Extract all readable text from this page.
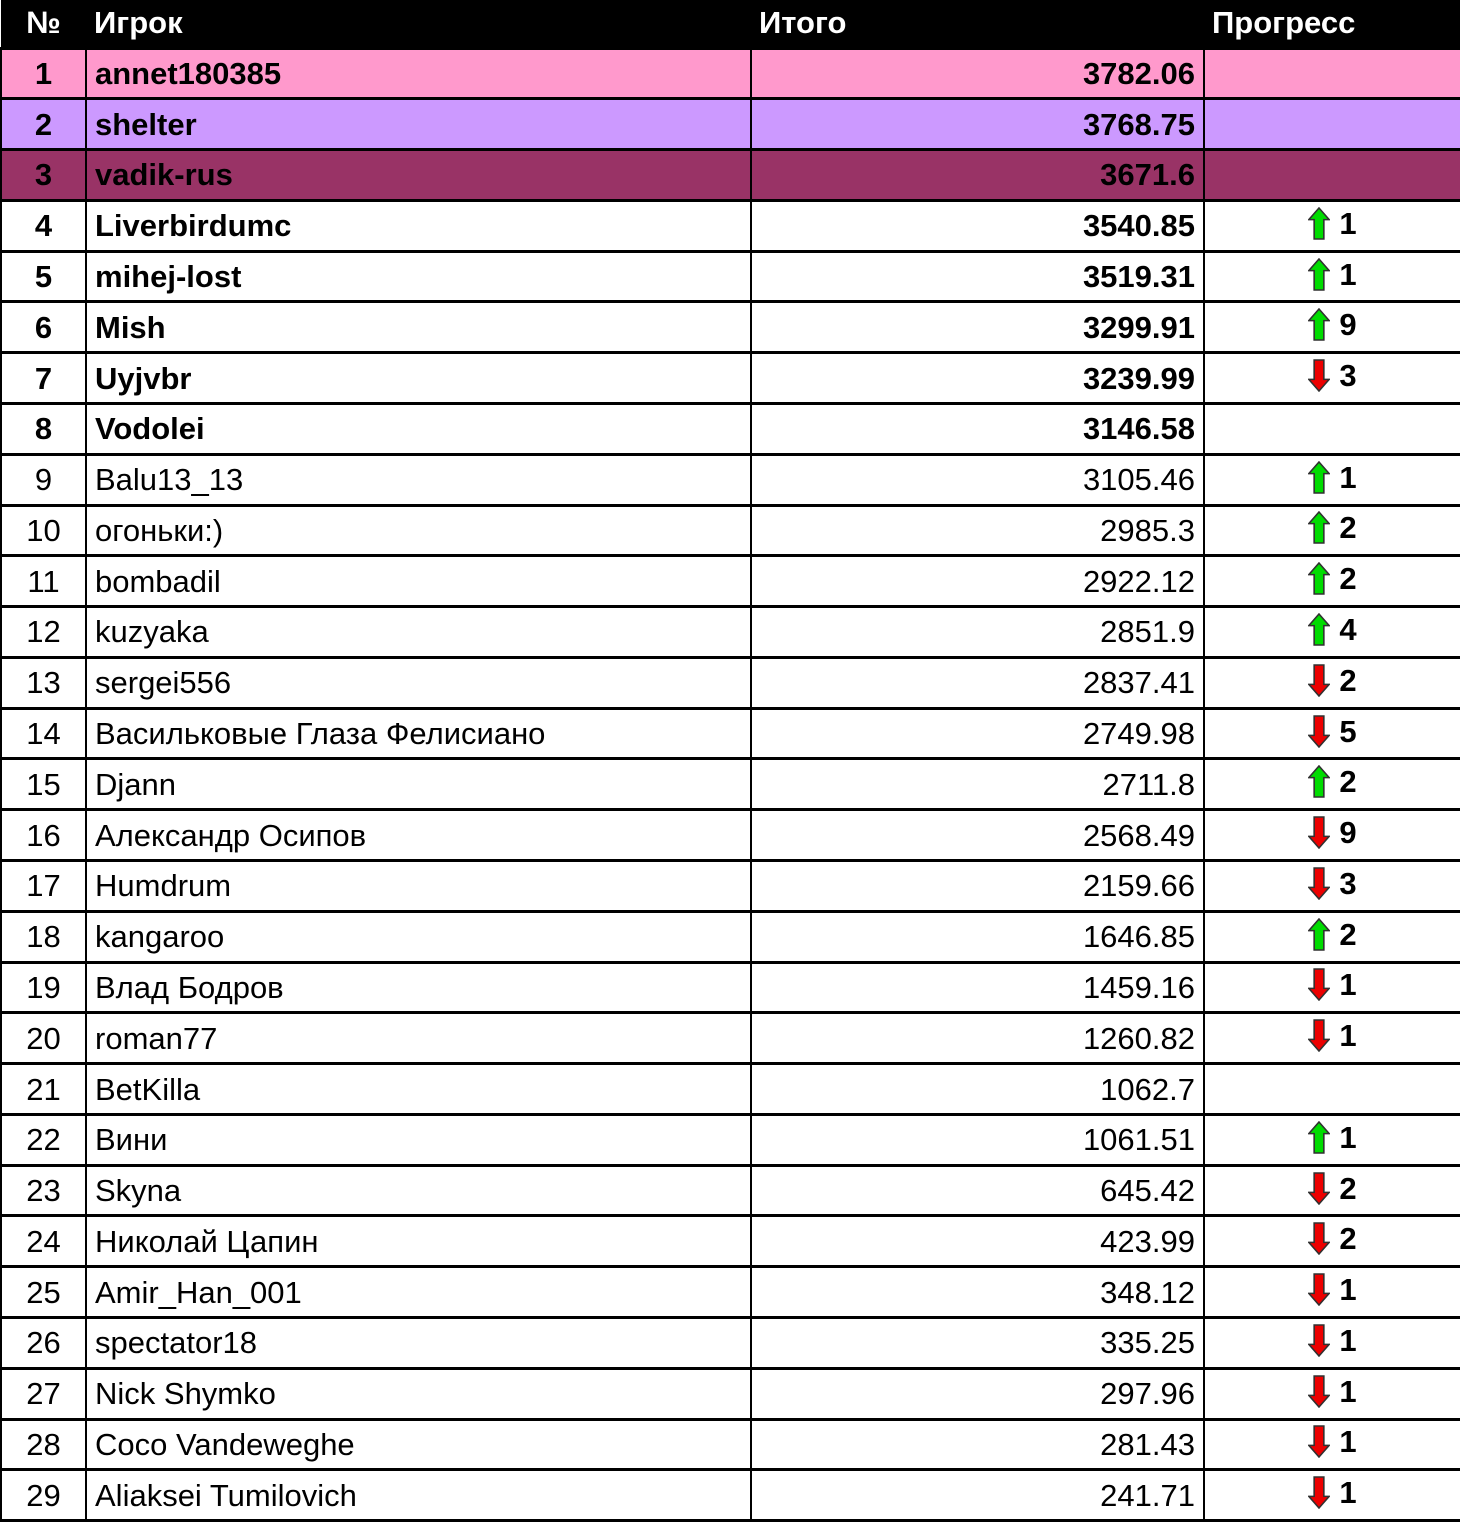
№	Игрок	Итого	Прогресс
1	annet180385	3782.06	
2	shelter	3768.75	
3	vadik-rus	3671.6	
4	Liverbirdumc	3540.85	1

5	mihej-lost	3519.31	1

6	Mish	3299.91	9

7	Uyjvbr	3239.99	3

8	Vodolei	3146.58	
9	Balu13_13	3105.46	1

10	огоньки:)	2985.3	2

11	bombadil	2922.12	2

12	kuzyaka	2851.9	4

13	sergei556	2837.41	2

14	Васильковые Глаза Фелисиано	2749.98	5

15	Djann	2711.8	2

16	Александр Осипов	2568.49	9

17	Humdrum	2159.66	3

18	kangaroo	1646.85	2

19	Влад Бодров	1459.16	1

20	roman77	1260.82	1

21	BetKilla	1062.7	
22	Вини	1061.51	1

23	Skyna	645.42	2

24	Николай Цапин	423.99	2

25	Amir_Han_001	348.12	1

26	spectator18	335.25	1

27	Nick Shymko	297.96	1

28	Coco Vandeweghe	281.43	1

29	Aliaksei Tumilovich	241.71	1
